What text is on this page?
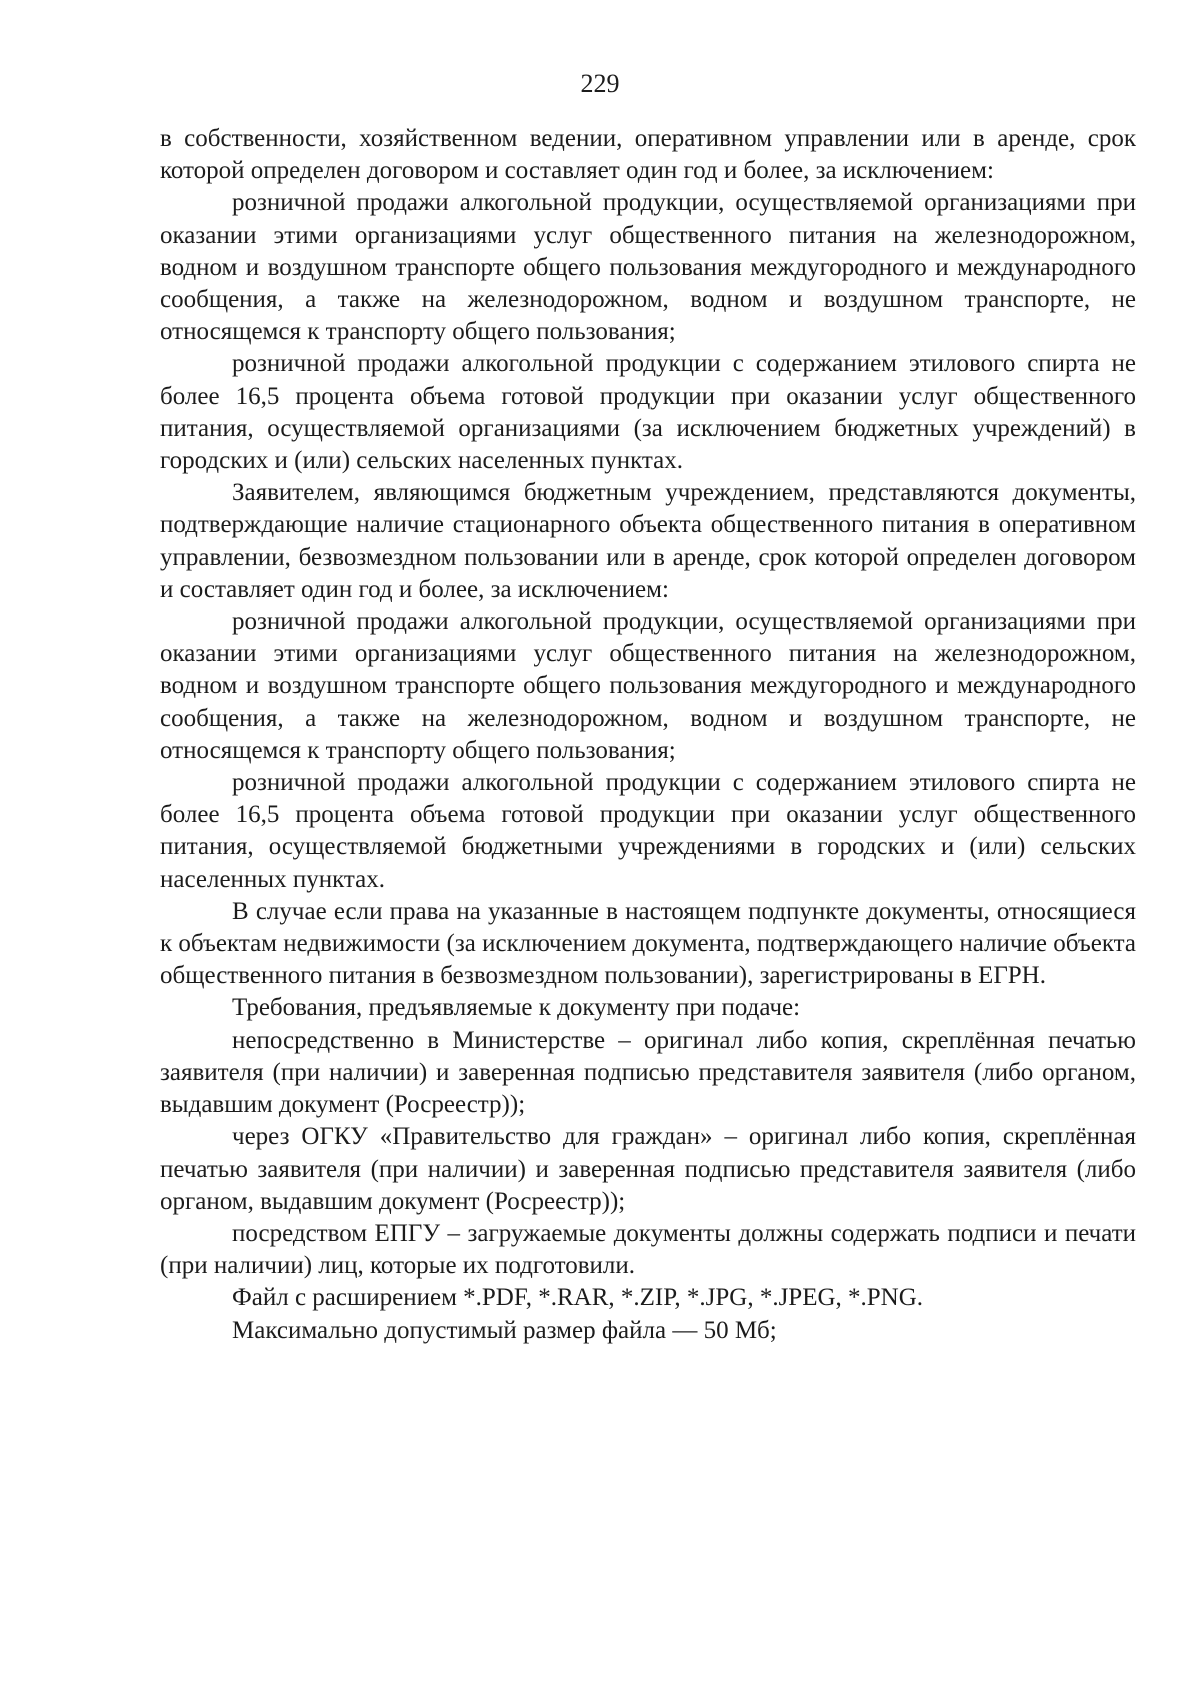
229

в собственности, хозяйственном ведении, оперативном управлении или в аренде, срок которой определен договором и составляет один год и более, за исключением:

розничной продажи алкогольной продукции, осуществляемой организациями при оказании этими организациями услуг общественного питания на железнодорожном, водном и воздушном транспорте общего пользования междугородного и международного сообщения, а также на железнодорожном, водном и воздушном транспорте, не относящемся к транспорту общего пользования;

розничной продажи алкогольной продукции с содержанием этилового спирта не более 16,5 процента объема готовой продукции при оказании услуг общественного питания, осуществляемой организациями (за исключением бюджетных учреждений) в городских и (или) сельских населенных пунктах.

Заявителем, являющимся бюджетным учреждением, представляются документы, подтверждающие наличие стационарного объекта общественного питания в оперативном управлении, безвозмездном пользовании или в аренде, срок которой определен договором и составляет один год и более, за исключением:

розничной продажи алкогольной продукции, осуществляемой организациями при оказании этими организациями услуг общественного питания на железнодорожном, водном и воздушном транспорте общего пользования междугородного и международного сообщения, а также на железнодорожном, водном и воздушном транспорте, не относящемся к транспорту общего пользования;

розничной продажи алкогольной продукции с содержанием этилового спирта не более 16,5 процента объема готовой продукции при оказании услуг общественного питания, осуществляемой бюджетными учреждениями в городских и (или) сельских населенных пунктах.

В случае если права на указанные в настоящем подпункте документы, относящиеся к объектам недвижимости (за исключением документа, подтверждающего наличие объекта общественного питания в безвозмездном пользовании), зарегистрированы в ЕГРН.

Требования, предъявляемые к документу при подаче:

непосредственно в Министерстве – оригинал либо копия, скреплённая печатью заявителя (при наличии) и заверенная подписью представителя заявителя (либо органом, выдавшим документ (Росреестр));

через ОГКУ «Правительство для граждан» – оригинал либо копия, скреплённая печатью заявителя (при наличии) и заверенная подписью представителя заявителя (либо органом, выдавшим документ (Росреестр));

посредством ЕПГУ – загружаемые документы должны содержать подписи и печати (при наличии) лиц, которые их подготовили.

Файл с расширением *.PDF, *.RAR, *.ZIP, *.JPG, *.JPEG, *.PNG.

Максимально допустимый размер файла — 50 Мб;
